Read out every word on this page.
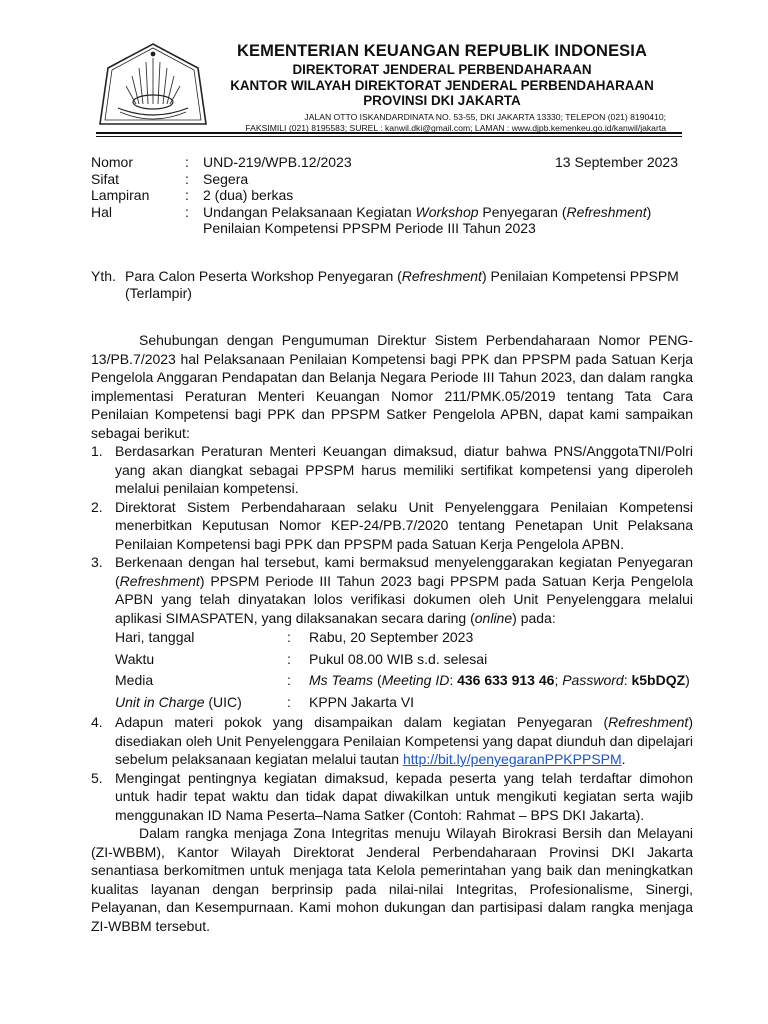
KEMENTERIAN KEUANGAN REPUBLIK INDONESIA
DIREKTORAT JENDERAL PERBENDAHARAAN
KANTOR WILAYAH DIREKTORAT JENDERAL PERBENDAHARAAN
PROVINSI DKI JAKARTA
JALAN OTTO ISKANDARDINATA NO. 53-55, DKI JAKARTA 13330; TELEPON (021) 8190410;
FAKSIMILI (021) 8195583; SUREL : kanwil.dki@gmail.com; LAMAN : www.djpb.kemenkeu.go.id/kanwil/jakarta
13 September 2023
Nomor	:	UND-219/WPB.12/2023
Sifat	:	Segera
Lampiran	:	2 (dua) berkas
Hal	:	Undangan Pelaksanaan Kegiatan Workshop Penyegaran (Refreshment)
Penilaian Kompetensi PPSPM Periode III Tahun 2023
Yth. Para Calon Peserta Workshop Penyegaran (Refreshment) Penilaian Kompetensi PPSPM
(Terlampir)

Sehubungan dengan Pengumuman Direktur Sistem Perbendaharaan Nomor PENG-13/PB.7/2023 hal Pelaksanaan Penilaian Kompetensi bagi PPK dan PPSPM pada Satuan Kerja Pengelola Anggaran Pendapatan dan Belanja Negara Periode III Tahun 2023, dan dalam rangka implementasi Peraturan Menteri Keuangan Nomor 211/PMK.05/2019 tentang Tata Cara Penilaian Kompetensi bagi PPK dan PPSPM Satker Pengelola APBN, dapat kami sampaikan sebagai berikut:

1. Berdasarkan Peraturan Menteri Keuangan dimaksud, diatur bahwa PNS/AnggotaTNI/Polri yang akan diangkat sebagai PPSPM harus memiliki sertifikat kompetensi yang diperoleh melalui penilaian kompetensi.
2. Direktorat Sistem Perbendaharaan selaku Unit Penyelenggara Penilaian Kompetensi menerbitkan Keputusan Nomor KEP-24/PB.7/2020 tentang Penetapan Unit Pelaksana Penilaian Kompetensi bagi PPK dan PPSPM pada Satuan Kerja Pengelola APBN.
3. Berkenaan dengan hal tersebut, kami bermaksud menyelenggarakan kegiatan Penyegaran (Refreshment) PPSPM Periode III Tahun 2023 bagi PPSPM pada Satuan Kerja Pengelola APBN yang telah dinyatakan lolos verifikasi dokumen oleh Unit Penyelenggara melalui aplikasi SIMASPATEN, yang dilaksanakan secara daring (online) pada:
Hari, tanggal	:	Rabu, 20 September 2023
Waktu	:	Pukul 08.00 WIB s.d. selesai
Media	:	Ms Teams (Meeting ID: 436 633 913 46; Password: k5bDQZ)
Unit in Charge (UIC)	:	KPPN Jakarta VI
4. Adapun materi pokok yang disampaikan dalam kegiatan Penyegaran (Refreshment) disediakan oleh Unit Penyelenggara Penilaian Kompetensi yang dapat diunduh dan dipelajari sebelum pelaksanaan kegiatan melalui tautan http://bit.ly/penyegaranPPKPPSPM.
5. Mengingat pentingnya kegiatan dimaksud, kepada peserta yang telah terdaftar dimohon untuk hadir tepat waktu dan tidak dapat diwakilkan untuk mengikuti kegiatan serta wajib menggunakan ID Nama Peserta–Nama Satker (Contoh: Rahmat – BPS DKI Jakarta).

Dalam rangka menjaga Zona Integritas menuju Wilayah Birokrasi Bersih dan Melayani (ZI-WBBM), Kantor Wilayah Direktorat Jenderal Perbendaharaan Provinsi DKI Jakarta senantiasa berkomitmen untuk menjaga tata Kelola pemerintahan yang baik dan meningkatkan kualitas layanan dengan berprinsip pada nilai-nilai Integritas, Profesionalisme, Sinergi, Pelayanan, dan Kesempurnaan. Kami mohon dukungan dan partisipasi dalam rangka menjaga ZI-WBBM tersebut.
